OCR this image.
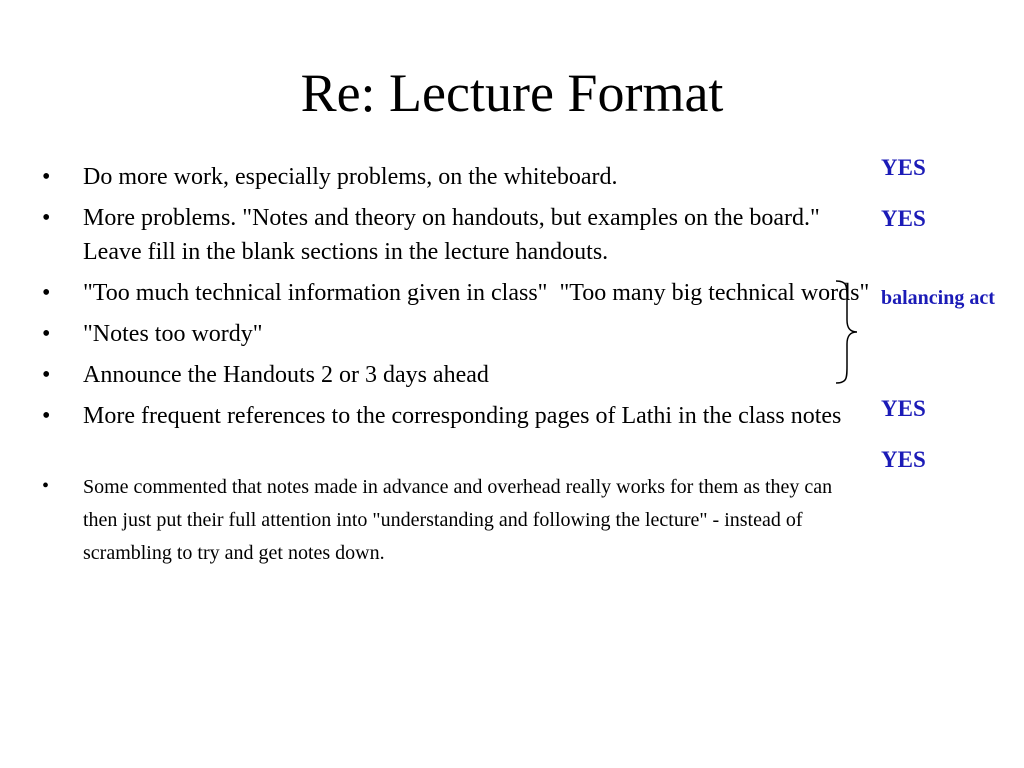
Re: Lecture Format
• Do more work, especially problems, on the whiteboard.
• More problems. "Notes and theory on handouts, but examples on the board." Leave fill in the blank sections in the lecture handouts.
• "Too much technical information given in class"  "Too many big technical words"
• "Notes too wordy"
• Announce the Handouts 2 or 3 days ahead
• More frequent references to the corresponding pages of Lathi in the class notes
• Some commented that notes made in advance and overhead really works for them as they can then just put their full attention into "understanding and following the lecture" - instead of scrambling to try and get notes down.
YES
YES
balancing act
YES
YES
